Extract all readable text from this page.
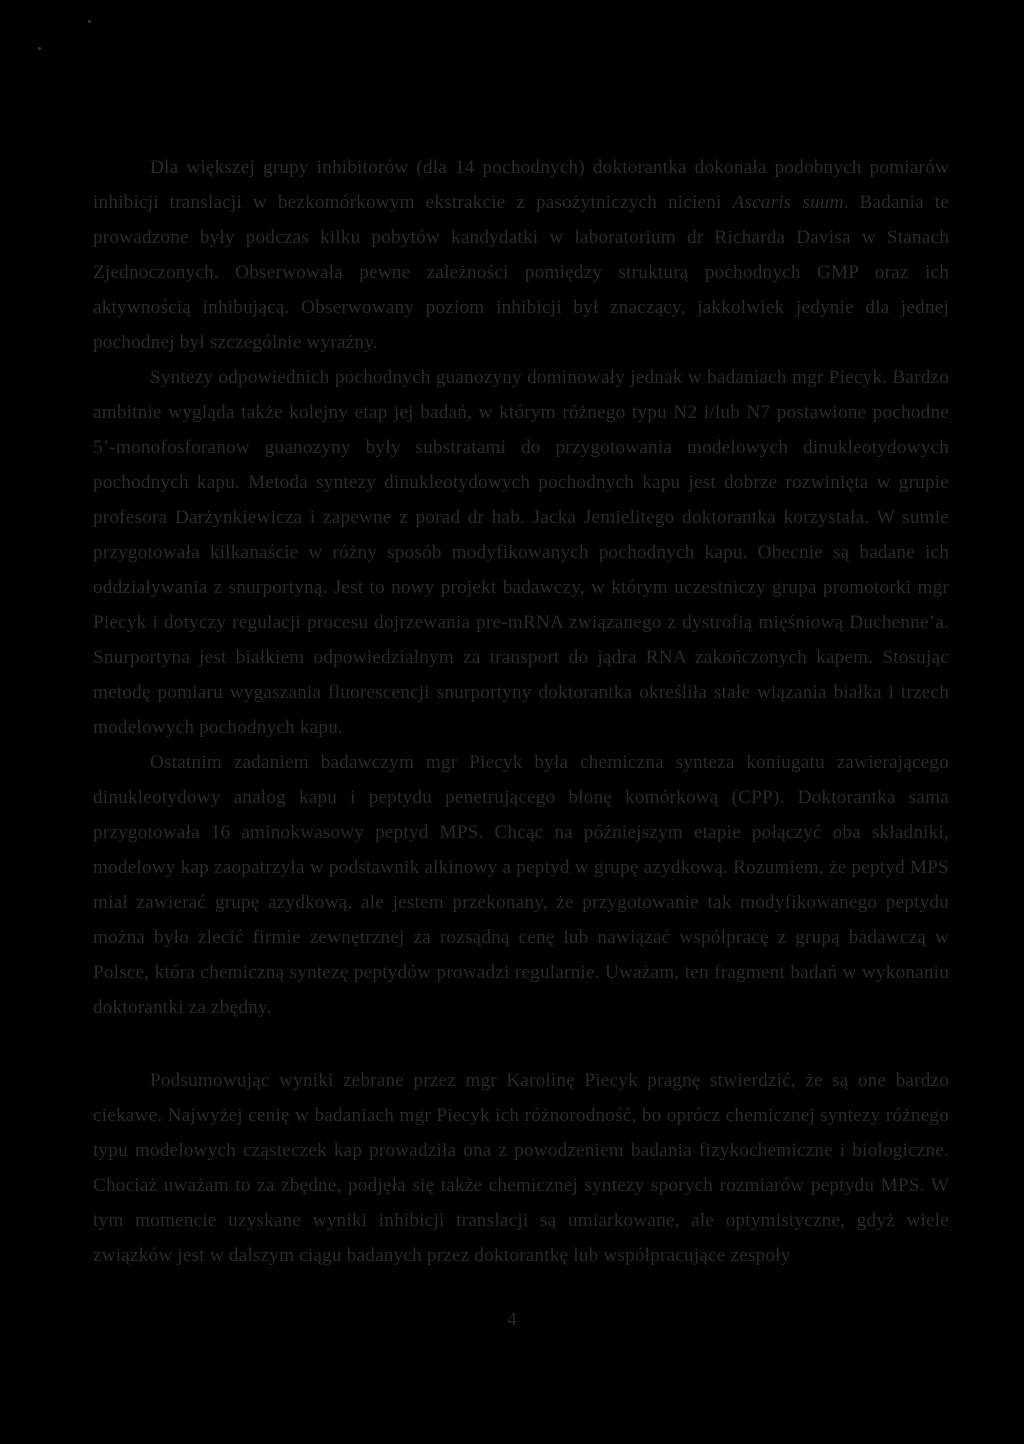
Dla większej grupy inhibitorów (dla 14 pochodnych) doktorantka dokonała podobnych pomiarów inhibicji translacji w bezkomórkowym ekstrakcie z pasożytniczych nicieni Ascaris suum. Badania te prowadzone były podczas kilku pobytów kandydatki w laboratorium dr Richarda Davisa w Stanach Zjednoczonych. Obserwowała pewne zależności pomiędzy strukturą pochodnych GMP oraz ich aktywnością inhibującą. Obserwowany poziom inhibicji był znaczący, jakkolwiek jedynie dla jednej pochodnej był szczególnie wyraźny.

Syntezy odpowiednich pochodnych guanozyny dominowały jednak w badaniach mgr Piecyk. Bardzo ambitnie wygląda także kolejny etap jej badań, w którym różnego typu N2 i/lub N7 postawione pochodne 5’-monofosforanow guanozyny były substratami do przygotowania modelowych dinukleotydowych pochodnych kapu. Metoda syntezy dinukleotydowych pochodnych kapu jest dobrze rozwinięta w grupie profesora Darżynkiewicza i zapewne z porad dr hab. Jacka Jemielitego doktorantka korzystała. W sumie przygotowała kilkanaście w różny sposób modyfikowanych pochodnych kapu. Obecnie są badane ich oddziaływania z snurportyną. Jest to nowy projekt badawczy, w którym uczestniczy grupa promotorki mgr Piecyk i dotyczy regulacji procesu dojrzewania pre-mRNA związanego z dystrofią mięśniową Duchenne’a. Snurportyna jest białkiem odpowiedzialnym za transport do jądra RNA zakończonych kapem. Stosując metodę pomiaru wygaszania fluorescencji snurportyny doktorantka określiła stałe wiązania białka i trzech modelowych pochodnych kapu.

Ostatnim zadaniem badawczym mgr Piecyk była chemiczna synteza koniugatu zawierającego dinukleotydowy analog kapu i peptydu penetrującego błonę komórkową (CPP). Doktorantka sama przygotowała 16 aminokwasowy peptyd MPS. Chcąc na późniejszym etapie połączyć oba składniki, modelowy kap zaopatrzyła w podstawnik alkinowy a peptyd w grupę azydkową. Rozumiem, że peptyd MPS miał zawierać grupę azydkową, ale jestem przekonany, że przygotowanie tak modyfikowanego peptydu można było zlecić firmie zewnętrznej za rozsądną cenę lub nawiązać współpracę z grupą badawczą w Polsce, która chemiczną syntezę peptydów prowadzi regularnie. Uważam, ten fragment badań w wykonaniu doktorantki za zbędny.

Podsumowując wyniki zebrane przez mgr Karolinę Piecyk pragnę stwierdzić, że są one bardzo ciekawe. Najwyżej cenię w badaniach mgr Piecyk ich różnorodność, bo oprócz chemicznej syntezy różnego typu modelowych cząsteczek kap prowadziła ona z powodzeniem badania fizykochemiczne i biologiczne. Chociaż uważam to za zbędne, podjęła się także chemicznej syntezy sporych rozmiarów peptydu MPS. W tym momencie uzyskane wyniki inhibicji translacji są umiarkowane, ale optymistyczne, gdyż wiele związków jest w dalszym ciągu badanych przez doktorantkę lub współpracujące zespoły

4
